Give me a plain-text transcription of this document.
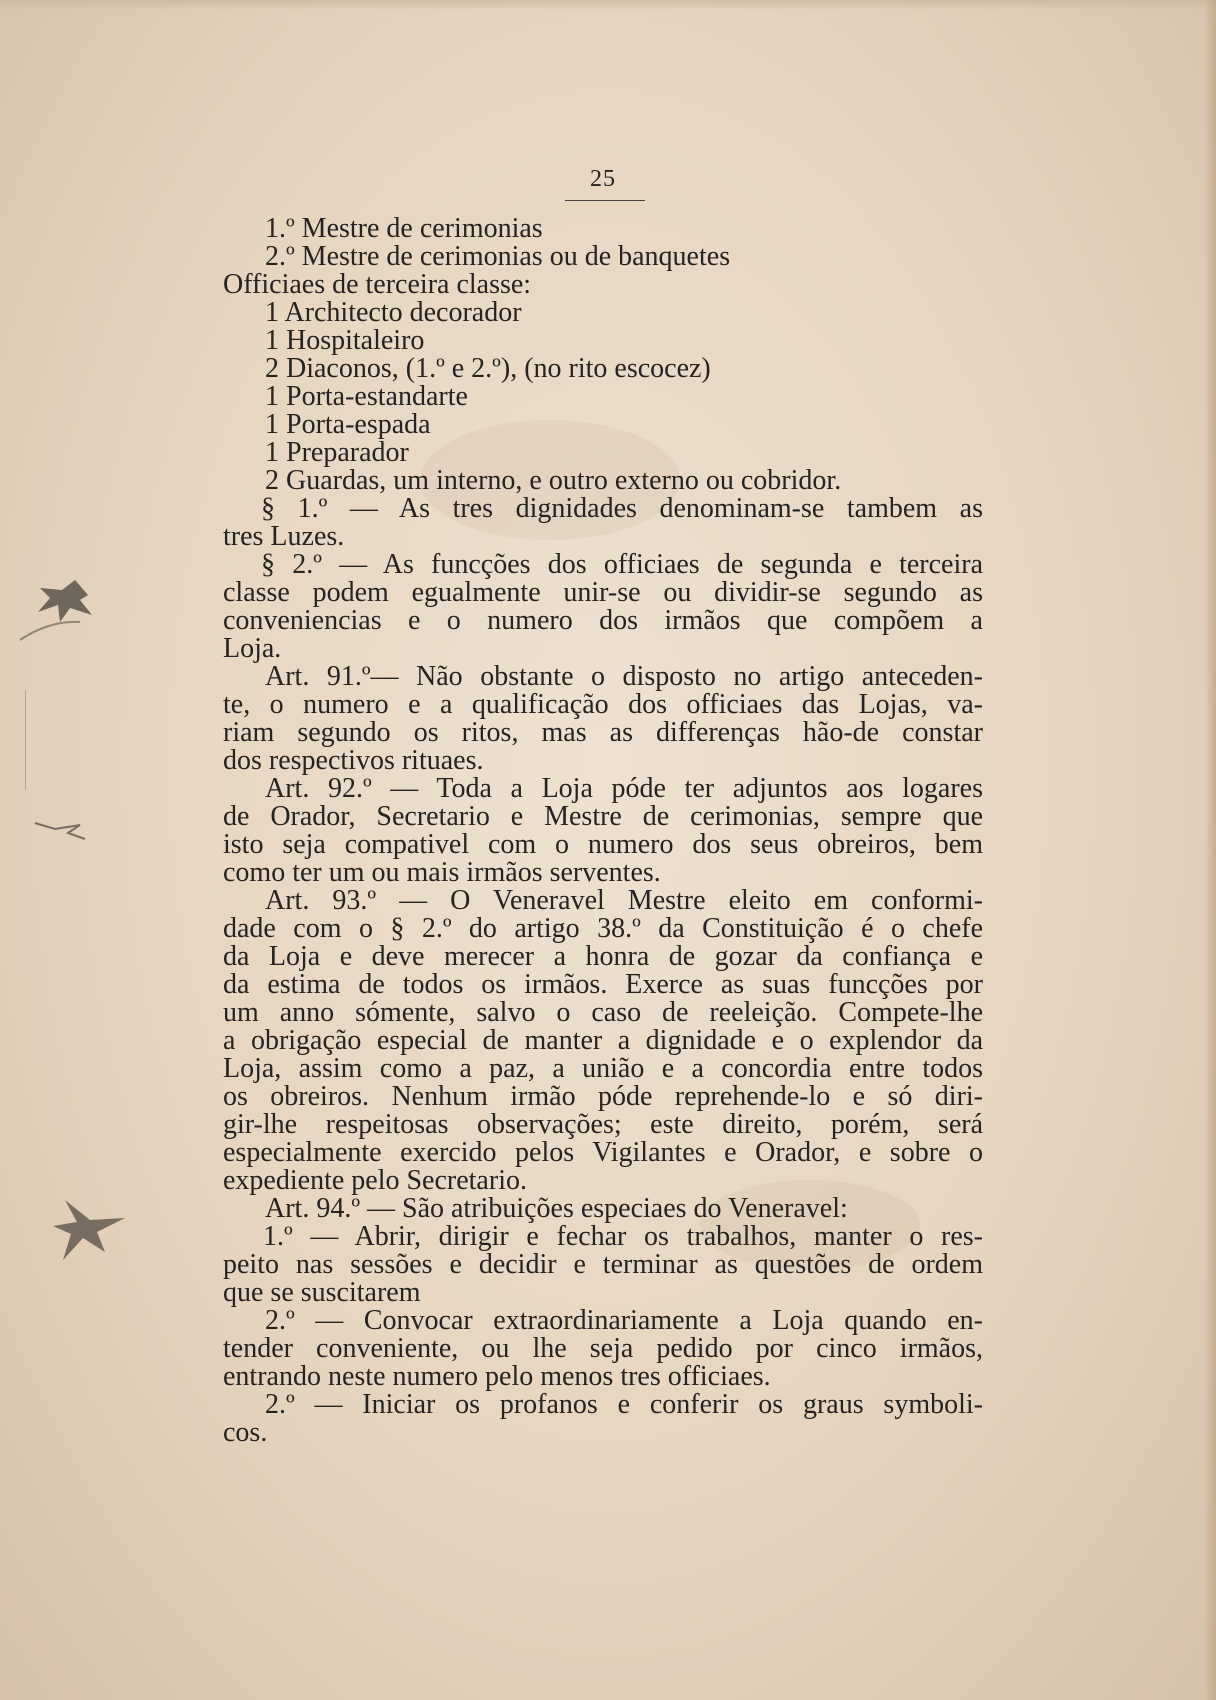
25
1.º Mestre de cerimonias
2.º Mestre de cerimonias ou de banquetes
Officiaes de terceira classe:
1 Architecto decorador
1 Hospitaleiro
2 Diaconos, (1.º e 2.º), (no rito escocez)
1 Porta-estandarte
1 Porta-espada
1 Preparador
2 Guardas, um interno, e outro externo ou cobridor.
§ 1.º — As tres dignidades denominam-se tambem as
tres Luzes.
§ 2.º — As funcções dos officiaes de segunda e terceira
classe podem egualmente unir-se ou dividir-se segundo as
conveniencias e o numero dos irmãos que compõem a
Loja.
Art. 91.º— Não obstante o disposto no artigo anteceden-
te, o numero e a qualificação dos officiaes das Lojas, va-
riam segundo os ritos, mas as differenças hão-de constar
dos respectivos rituaes.
Art. 92.º — Toda a Loja póde ter adjuntos aos logares
de Orador, Secretario e Mestre de cerimonias, sempre que
isto seja compativel com o numero dos seus obreiros, bem
como ter um ou mais irmãos serventes.
Art. 93.º — O Veneravel Mestre eleito em conformi-
dade com o § 2.º do artigo 38.º da Constituição é o chefe
da Loja e deve merecer a honra de gozar da confiança e
da estima de todos os irmãos. Exerce as suas funcções por
um anno sómente, salvo o caso de reeleição. Compete-lhe
a obrigação especial de manter a dignidade e o explendor da
Loja, assim como a paz, a união e a concordia entre todos
os obreiros. Nenhum irmão póde reprehende-lo e só diri-
gir-lhe respeitosas observações; este direito, porém, será
especialmente exercido pelos Vigilantes e Orador, e sobre o
expediente pelo Secretario.
Art. 94.º — São atribuições especiaes do Veneravel:
1.º — Abrir, dirigir e fechar os trabalhos, manter o res-
peito nas sessões e decidir e terminar as questões de ordem
que se suscitarem
2.º — Convocar extraordinariamente a Loja quando en-
tender conveniente, ou lhe seja pedido por cinco irmãos,
entrando neste numero pelo menos tres officiaes.
2.º — Iniciar os profanos e conferir os graus symboli-
cos.
